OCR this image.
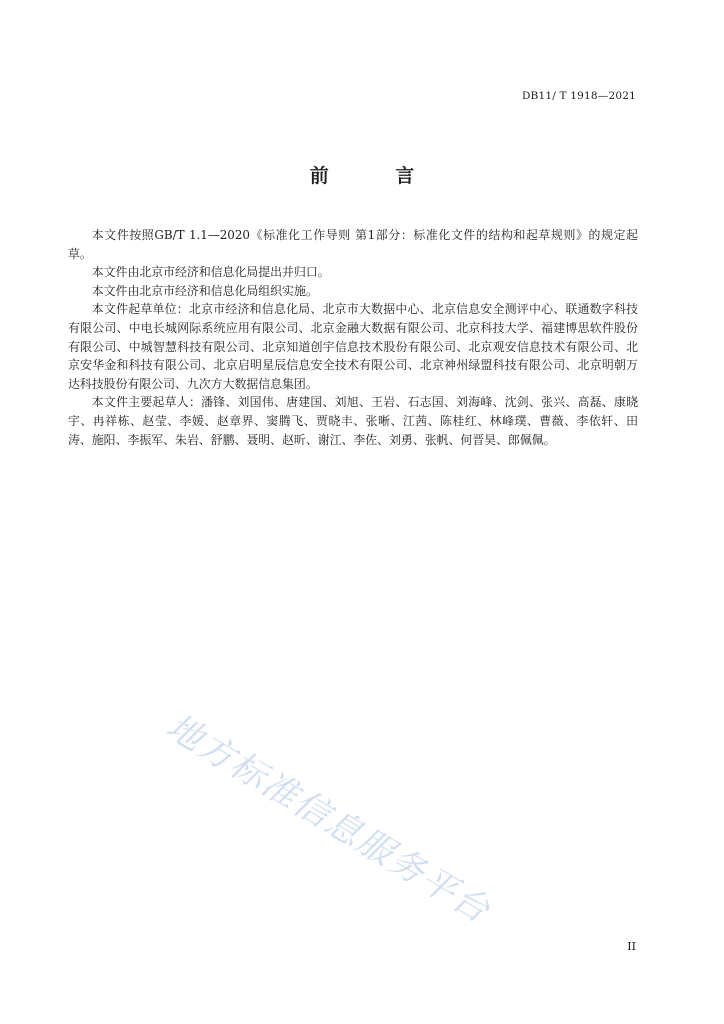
DB11/ T 1918—2021
前 言

本文件按照GB/T 1.1—2020《标准化工作导则 第1部分：标准化文件的结构和起草规则》的规定起草。

本文件由北京市经济和信息化局提出并归口。

本文件由北京市经济和信息化局组织实施。

本文件起草单位：北京市经济和信息化局、北京市大数据中心、北京信息安全测评中心、联通数字科技有限公司、中电长城网际系统应用有限公司、北京金融大数据有限公司、北京科技大学、福建博思软件股份有限公司、中城智慧科技有限公司、北京知道创宇信息技术股份有限公司、北京观安信息技术有限公司、北京安华金和科技有限公司、北京启明星辰信息安全技术有限公司、北京神州绿盟科技有限公司、北京明朝万达科技股份有限公司、九次方大数据信息集团。

本文件主要起草人：潘锋、刘国伟、唐建国、刘旭、王岩、石志国、刘海峰、沈剑、张兴、高磊、康晓宇、冉祥栋、赵莹、李媛、赵章界、窦腾飞、贾晓丰、张晰、江茜、陈桂红、林峰璞、曹薇、李依轩、田涛、施阳、李振军、朱岩、舒鹏、聂明、赵昕、谢江、李佐、刘勇、张帆、何晋昊、郎佩佩。

地方标准信息服务平台
II
